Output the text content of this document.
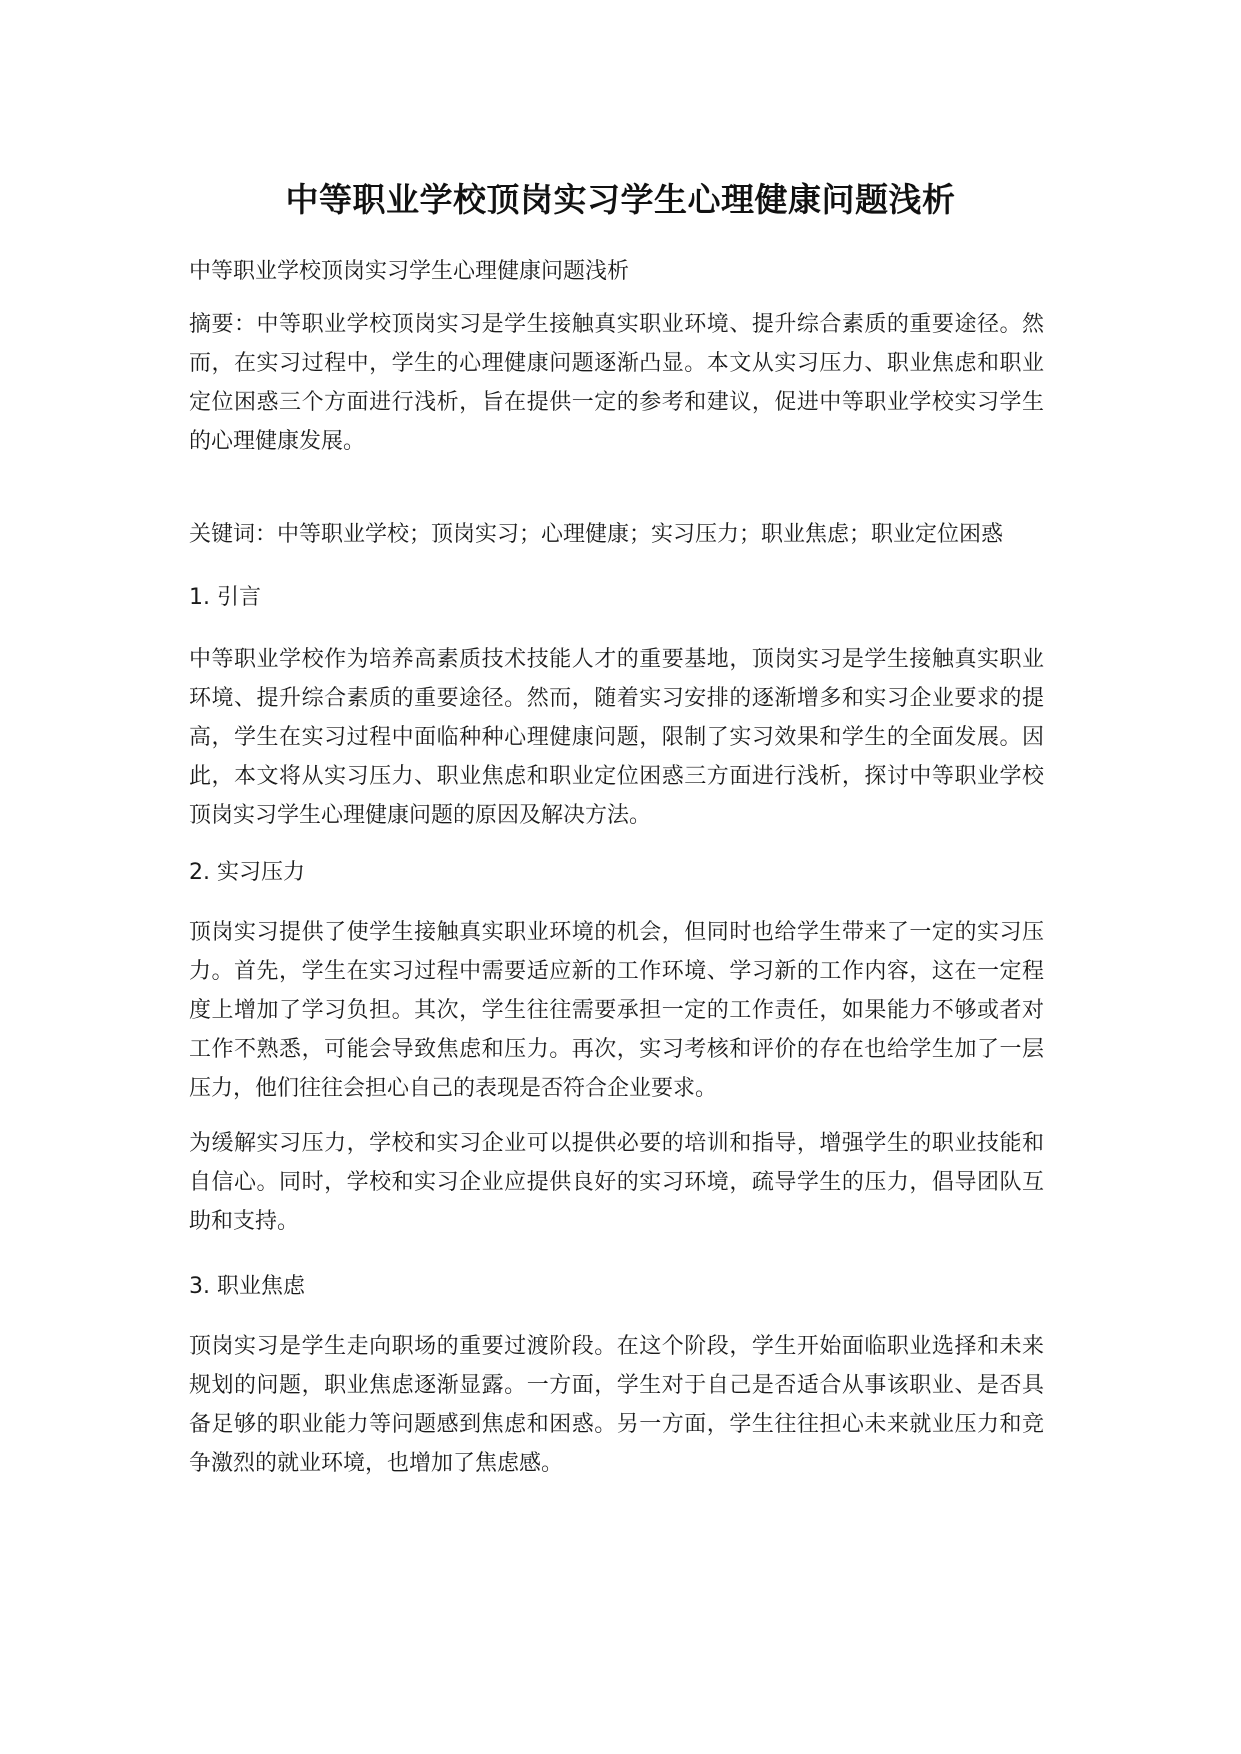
中等职业学校顶岗实习学生心理健康问题浅析

中等职业学校顶岗实习学生心理健康问题浅析

摘要：中等职业学校顶岗实习是学生接触真实职业环境、提升综合素质的重要途径。然而，在实习过程中，学生的心理健康问题逐渐凸显。本文从实习压力、职业焦虑和职业定位困惑三个方面进行浅析，旨在提供一定的参考和建议，促进中等职业学校实习学生的心理健康发展。

关键词：中等职业学校；顶岗实习；心理健康；实习压力；职业焦虑；职业定位困惑

1. 引言

中等职业学校作为培养高素质技术技能人才的重要基地，顶岗实习是学生接触真实职业环境、提升综合素质的重要途径。然而，随着实习安排的逐渐增多和实习企业要求的提高，学生在实习过程中面临种种心理健康问题，限制了实习效果和学生的全面发展。因此，本文将从实习压力、职业焦虑和职业定位困惑三方面进行浅析，探讨中等职业学校顶岗实习学生心理健康问题的原因及解决方法。

2. 实习压力

顶岗实习提供了使学生接触真实职业环境的机会，但同时也给学生带来了一定的实习压力。首先，学生在实习过程中需要适应新的工作环境、学习新的工作内容，这在一定程度上增加了学习负担。其次，学生往往需要承担一定的工作责任，如果能力不够或者对工作不熟悉，可能会导致焦虑和压力。再次，实习考核和评价的存在也给学生加了一层压力，他们往往会担心自己的表现是否符合企业要求。

为缓解实习压力，学校和实习企业可以提供必要的培训和指导，增强学生的职业技能和自信心。同时，学校和实习企业应提供良好的实习环境，疏导学生的压力，倡导团队互助和支持。

3. 职业焦虑

顶岗实习是学生走向职场的重要过渡阶段。在这个阶段，学生开始面临职业选择和未来规划的问题，职业焦虑逐渐显露。一方面，学生对于自己是否适合从事该职业、是否具备足够的职业能力等问题感到焦虑和困惑。另一方面，学生往往担心未来就业压力和竞争激烈的就业环境，也增加了焦虑感。
